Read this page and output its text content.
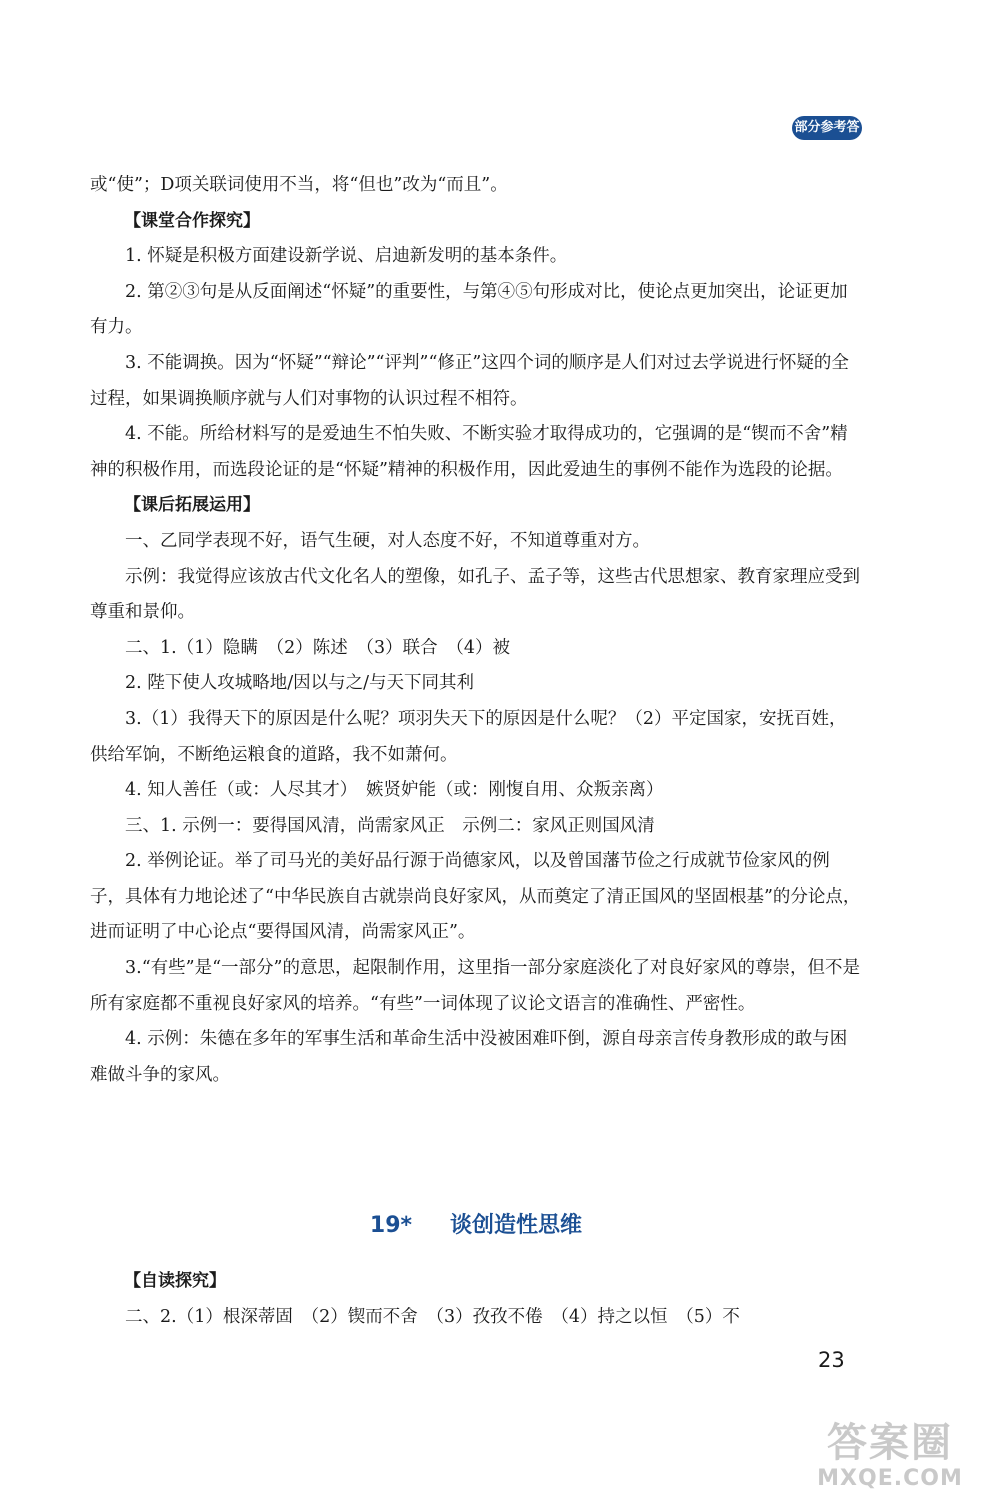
部分参考答案

或“使”；D项关联词使用不当，将“但也”改为“而且”。

【课堂合作探究】

1. 怀疑是积极方面建设新学说、启迪新发明的基本条件。

2. 第②③句是从反面阐述“怀疑”的重要性，与第④⑤句形成对比，使论点更加突出，论证更加有力。

3. 不能调换。因为“怀疑”“辩论”“评判”“修正”这四个词的顺序是人们对过去学说进行怀疑的全过程，如果调换顺序就与人们对事物的认识过程不相符。

4. 不能。所给材料写的是爱迪生不怕失败、不断实验才取得成功的，它强调的是“锲而不舍”精神的积极作用，而选段论证的是“怀疑”精神的积极作用，因此爱迪生的事例不能作为选段的论据。

【课后拓展运用】

一、乙同学表现不好，语气生硬，对人态度不好，不知道尊重对方。

示例：我觉得应该放古代文化名人的塑像，如孔子、孟子等，这些古代思想家、教育家理应受到尊重和景仰。

二、1.（1）隐瞒　（2）陈述　（3）联合　（4）被

2. 陛下使人攻城略地/因以与之/与天下同其利

3.（1）我得天下的原因是什么呢？项羽失天下的原因是什么呢？（2）平定国家，安抚百姓，供给军饷，不断绝运粮食的道路，我不如萧何。

4. 知人善任（或：人尽其才）　嫉贤妒能（或：刚愎自用、众叛亲离）

三、1. 示例一：要得国风清，尚需家风正　示例二：家风正则国风清

2. 举例论证。举了司马光的美好品行源于尚德家风，以及曾国藩节俭之行成就节俭家风的例子，具体有力地论述了“中华民族自古就崇尚良好家风，从而奠定了清正国风的坚固根基”的分论点，进而证明了中心论点“要得国风清，尚需家风正”。

3.“有些”是“一部分”的意思，起限制作用，这里指一部分家庭淡化了对良好家风的尊崇，但不是所有家庭都不重视良好家风的培养。“有些”一词体现了议论文语言的准确性、严密性。

4. 示例：朱德在多年的军事生活和革命生活中没被困难吓倒，源自母亲言传身教形成的敢与困难做斗争的家风。

19* 谈创造性思维

【自读探究】

二、2.（1）根深蒂固　（2）锲而不舍　（3）孜孜不倦　（4）持之以恒　（5）不

23
答案圈
MXQE.COM
